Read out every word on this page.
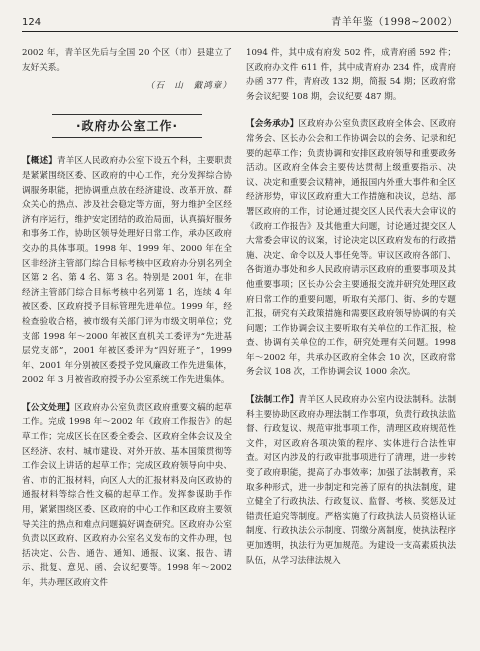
124	青羊年鉴（1998~2002）

2002 年，青羊区先后与全国 20 个区（市）县建立了友好关系。

（石　山　戴鸿章）

·政府办公室工作·

【概述】青羊区人民政府办公室下设五个科，主要职责是紧紧围绕区委、区政府的中心工作，充分发挥综合协调服务职能，把协调重点放在经济建设、改革开放、群众关心的热点、涉及社会稳定等方面，努力维护全区经济有序运行，维护安定团结的政治局面，认真搞好服务和事务工作，协助区领导处理好日常工作，承办区政府交办的具体事项。1998 年、1999 年、2000 年在全区非经济主管部门综合目标考核中区政府办分别名列全区第 2 名、第 4 名、第 3 名。特别是 2001 年，在非经济主管部门综合目标考核中名列第 1 名，连续 4 年被区委、区政府授予目标管理先进单位。1999 年，经检查验收合格，被市级有关部门评为市级文明单位；党支部 1998 年～2000 年被区直机关工委评为“先进基层党支部”，2001 年被区委评为“四好班子”，1999 年、2001 年分别被区委授予党风廉政工作先进集体，2002 年 3 月被省政府授予办公室系统工作先进集体。

【公文处理】区政府办公室负责区政府重要文稿的起草工作。完成 1998 年～2002 年《政府工作报告》的起草工作；完成区长在区委全委会、区政府全体会议及全区经济、农村、城市建设、对外开放、基本国策贯彻等工作会议上讲话的起草工作；完成区政府领导向中央、省、市的汇报材料，向区人大的汇报材料及向区政协的通报材料等综合性文稿的起草工作。发挥参谋助手作用，紧紧围绕区委、区政府的中心工作和区政府主要领导关注的热点和难点问题搞好调查研究。区政府办公室负责以区政府、区政府办公室名义发布的文件办理，包括决定、公告、通告、通知、通报、议案、报告、请示、批复、意见、函、会议纪要等。1998 年～2002 年，共办理区政府文件

1094 件，其中成有府发 502 件，成青府函 592 件；区政府办文件 611 件，其中成青府办 234 件，成青府办函 377 件，青府改 132 期，简报 54 期；区政府常务会议纪要 108 期，会议纪要 487 期。

【会务承办】区政府办公室负责区政府全体会、区政府常务会、区长办公会和工作协调会以的会务、记录和纪要的起草工作；负责协调和安排区政府领导和重要政务活动。区政府全体会主要传达贯彻上级重要指示、决议、决定和重要会议精神，通报国内外重大事件和全区经济形势，审议区政府重大工作措施和决议，总结、部署区政府的工作，讨论通过提交区人民代表大会审议的《政府工作报告》及其他重大问题，讨论通过提交区人大常委会审议的议案，讨论决定以区政府发布的行政措施、决定、命令以及人事任免等。审议区政府各部门、各街道办事处和乡人民政府请示区政府的重要事项及其他重要事项；区长办公会主要通报交流并研究处理区政府日常工作的重要问题，听取有关部门、街、乡的专题汇报，研究有关政策措施和需要区政府领导协调的有关问题；工作协调会议主要听取有关单位的工作汇报，检查、协调有关单位的工作，研究处理有关问题。1998 年～2002 年，共承办区政府全体会 10 次，区政府常务会议 108 次，工作协调会议 1000 余次。

【法制工作】青羊区人民政府办公室内设法制科。法制科主要协助区政府办理法制工作事项，负责行政执法监督、行政复议、规范审批事项工作，清理区政府规范性文件，对区政府各项决策的程序、实体进行合法性审查。对区内涉及的行政审批事项进行了清理，进一步转变了政府职能，提高了办事效率；加强了法制教育，采取多种形式，进一步制定和完善了原有的执法制度，建立健全了行政执法、行政复议、监督、考核、奖惩及过错责任追究等制度。严格实施了行政执法人员资格认证制度、行政执法公示制度、罚缴分离制度，使执法程序更加透明，执法行为更加规范。为建设一支高素质执法队伍，从学习法律法规入
